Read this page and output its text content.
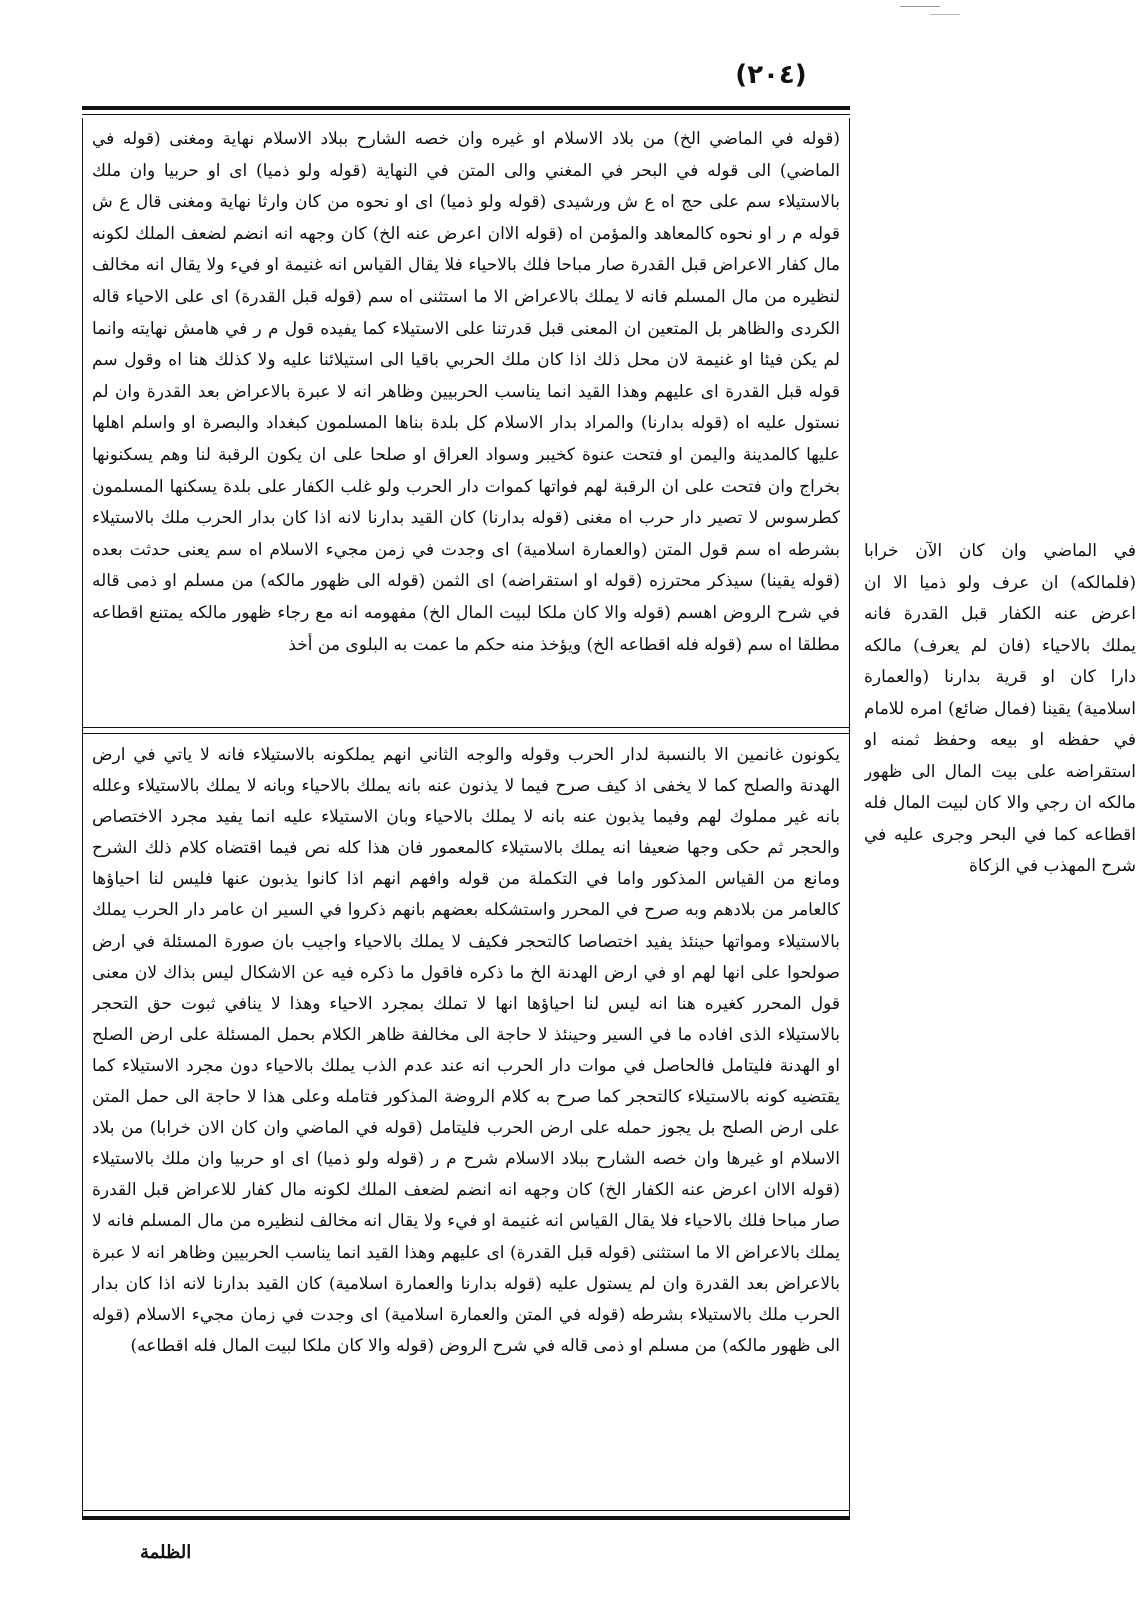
(٢٠٤)

(قوله في الماضي الخ) من بلاد الاسلام او غيره وان خصه الشارح ببلاد الاسلام نهاية ومغنى (قوله في الماضي) الى قوله في البحر في المغني والى المتن في النهاية (قوله ولو ذميا) اى او حربيا وان ملك بالاستيلاء سم على حج اه ع ش ورشيدى (قوله ولو ذميا) اى او نحوه من كان وارثا نهاية ومغنى قال ع ش قوله م ر او نحوه كالمعاهد والمؤمن اه (قوله الاان اعرض عنه الخ) كان وجهه انه انضم لضعف الملك لكونه مال كفار الاعراض قبل القدرة صار مباحا فلك بالاحياء فلا يقال القياس انه غنيمة او فيء ولا يقال انه مخالف لنظيره من مال المسلم فانه لا يملك بالاعراض الا ما استثنى اه سم (قوله قبل القدرة) اى على الاحياء قاله الكردى والظاهر بل المتعين ان المعنى قبل قدرتنا على الاستيلاء كما يفيده قول م ر في هامش نهايته وانما لم يكن فيئا او غنيمة لان محل ذلك اذا كان ملك الحربي باقيا الى استيلائنا عليه ولا كذلك هنا اه وقول سم قوله قبل القدرة اى عليهم وهذا القيد انما يناسب الحربيين وظاهر انه لا عبرة بالاعراض بعد القدرة وان لم نستول عليه اه (قوله بدارنا) والمراد بدار الاسلام كل بلدة بناها المسلمون كبغداد والبصرة او واسلم اهلها عليها كالمدينة واليمن او فتحت عنوة كخيبر وسواد العراق او صلحا على ان يكون الرقبة لنا وهم يسكنونها بخراج وان فتحت على ان الرقبة لهم فواتها كموات دار الحرب ولو غلب الكفار على بلدة يسكنها المسلمون كطرسوس لا تصير دار حرب اه مغنى (قوله بدارنا) كان القيد بدارنا لانه اذا كان بدار الحرب ملك بالاستيلاء بشرطه اه سم قول المتن (والعمارة اسلامية) اى وجدت في زمن مجيء الاسلام اه سم يعنى حدثت بعده (قوله يقينا) سيذكر محترزه (قوله او استقراضه) اى الثمن (قوله الى ظهور مالكه) من مسلم او ذمى قاله في شرح الروض اهسم (قوله والا كان ملكا لبيت المال الخ) مفهومه انه مع رجاء ظهور مالكه يمتنع اقطاعه مطلقا اه سم (قوله فله اقطاعه الخ) ويؤخذ منه حكم ما عمت به البلوى من أخذ

يكونون غانمين الا بالنسبة لدار الحرب وقوله والوجه الثاني انهم يملكونه بالاستيلاء فانه لا ياتي في ارض الهدنة والصلح كما لا يخفى اذ كيف صرح فيما لا يذنون عنه بانه يملك بالاحياء وبانه لا يملك بالاستيلاء وعلله بانه غير مملوك لهم وفيما يذبون عنه بانه لا يملك بالاحياء وبان الاستيلاء عليه انما يفيد مجرد الاختصاص والحجر ثم حكى وجها ضعيفا انه يملك بالاستيلاء كالمعمور فان هذا كله نص فيما اقتضاه كلام ذلك الشرح ومانع من القياس المذكور واما في التكملة من قوله وافهم انهم اذا كانوا يذبون عنها فليس لنا احياؤها كالعامر من بلادهم وبه صرح في المحرر واستشكله بعضهم بانهم ذكروا في السير ان عامر دار الحرب يملك بالاستيلاء ومواتها حينئذ يفيد اختصاصا كالتحجر فكيف لا يملك بالاحياء واجيب بان صورة المسئلة في ارض صولحوا على انها لهم او في ارض الهدنة الخ ما ذكره فاقول ما ذكره فيه عن الاشكال ليس بذاك لان معنى قول المحرر كغيره هنا انه ليس لنا احياؤها انها لا تملك بمجرد الاحياء وهذا لا ينافي ثبوت حق التحجر بالاستيلاء الذى افاده ما في السير وحينئذ لا حاجة الى مخالفة ظاهر الكلام بحمل المسئلة على ارض الصلح او الهدنة فليتامل فالحاصل في موات دار الحرب انه عند عدم الذب يملك بالاحياء دون مجرد الاستيلاء كما يقتضيه كونه بالاستيلاء كالتحجر كما صرح به كلام الروضة المذكور فتامله وعلى هذا لا حاجة الى حمل المتن على ارض الصلح بل يجوز حمله على ارض الحرب فليتامل (قوله في الماضي وان كان الان خرابا) من بلاد الاسلام او غيرها وان خصه الشارح ببلاد الاسلام شرح م ر (قوله ولو ذميا) اى او حربيا وان ملك بالاستيلاء (قوله الاان اعرض عنه الكفار الخ) كان وجهه انه انضم لضعف الملك لكونه مال كفار للاعراض قبل القدرة صار مباحا فلك بالاحياء فلا يقال القياس انه غنيمة او فيء ولا يقال انه مخالف لنظيره من مال المسلم فانه لا يملك بالاعراض الا ما استثنى (قوله قبل القدرة) اى عليهم وهذا القيد انما يناسب الحربيين وظاهر انه لا عبرة بالاعراض بعد القدرة وان لم يستول عليه (قوله بدارنا والعمارة اسلامية) كان القيد بدارنا لانه اذا كان بدار الحرب ملك بالاستيلاء بشرطه (قوله في المتن والعمارة اسلامية) اى وجدت في زمان مجيء الاسلام (قوله الى ظهور مالكه) من مسلم او ذمى قاله في شرح الروض (قوله والا كان ملكا لبيت المال فله اقطاعه)

في الماضي وان كان الآن خرابا (فلمالكه) ان عرف ولو ذميا الا ان اعرض عنه الكفار قبل القدرة فانه يملك بالاحياء (فان لم يعرف) مالكه دارا كان او قرية بدارنا (والعمارة اسلامية) يقينا (فمال ضائع) امره للامام في حفظه او بيعه وحفظ ثمنه او استقراضه على بيت المال الى ظهور مالكه ان رجي والا كان لبيت المال فله اقطاعه كما في البحر وجرى عليه في شرح المهذب في الزكاة

الظلمة
